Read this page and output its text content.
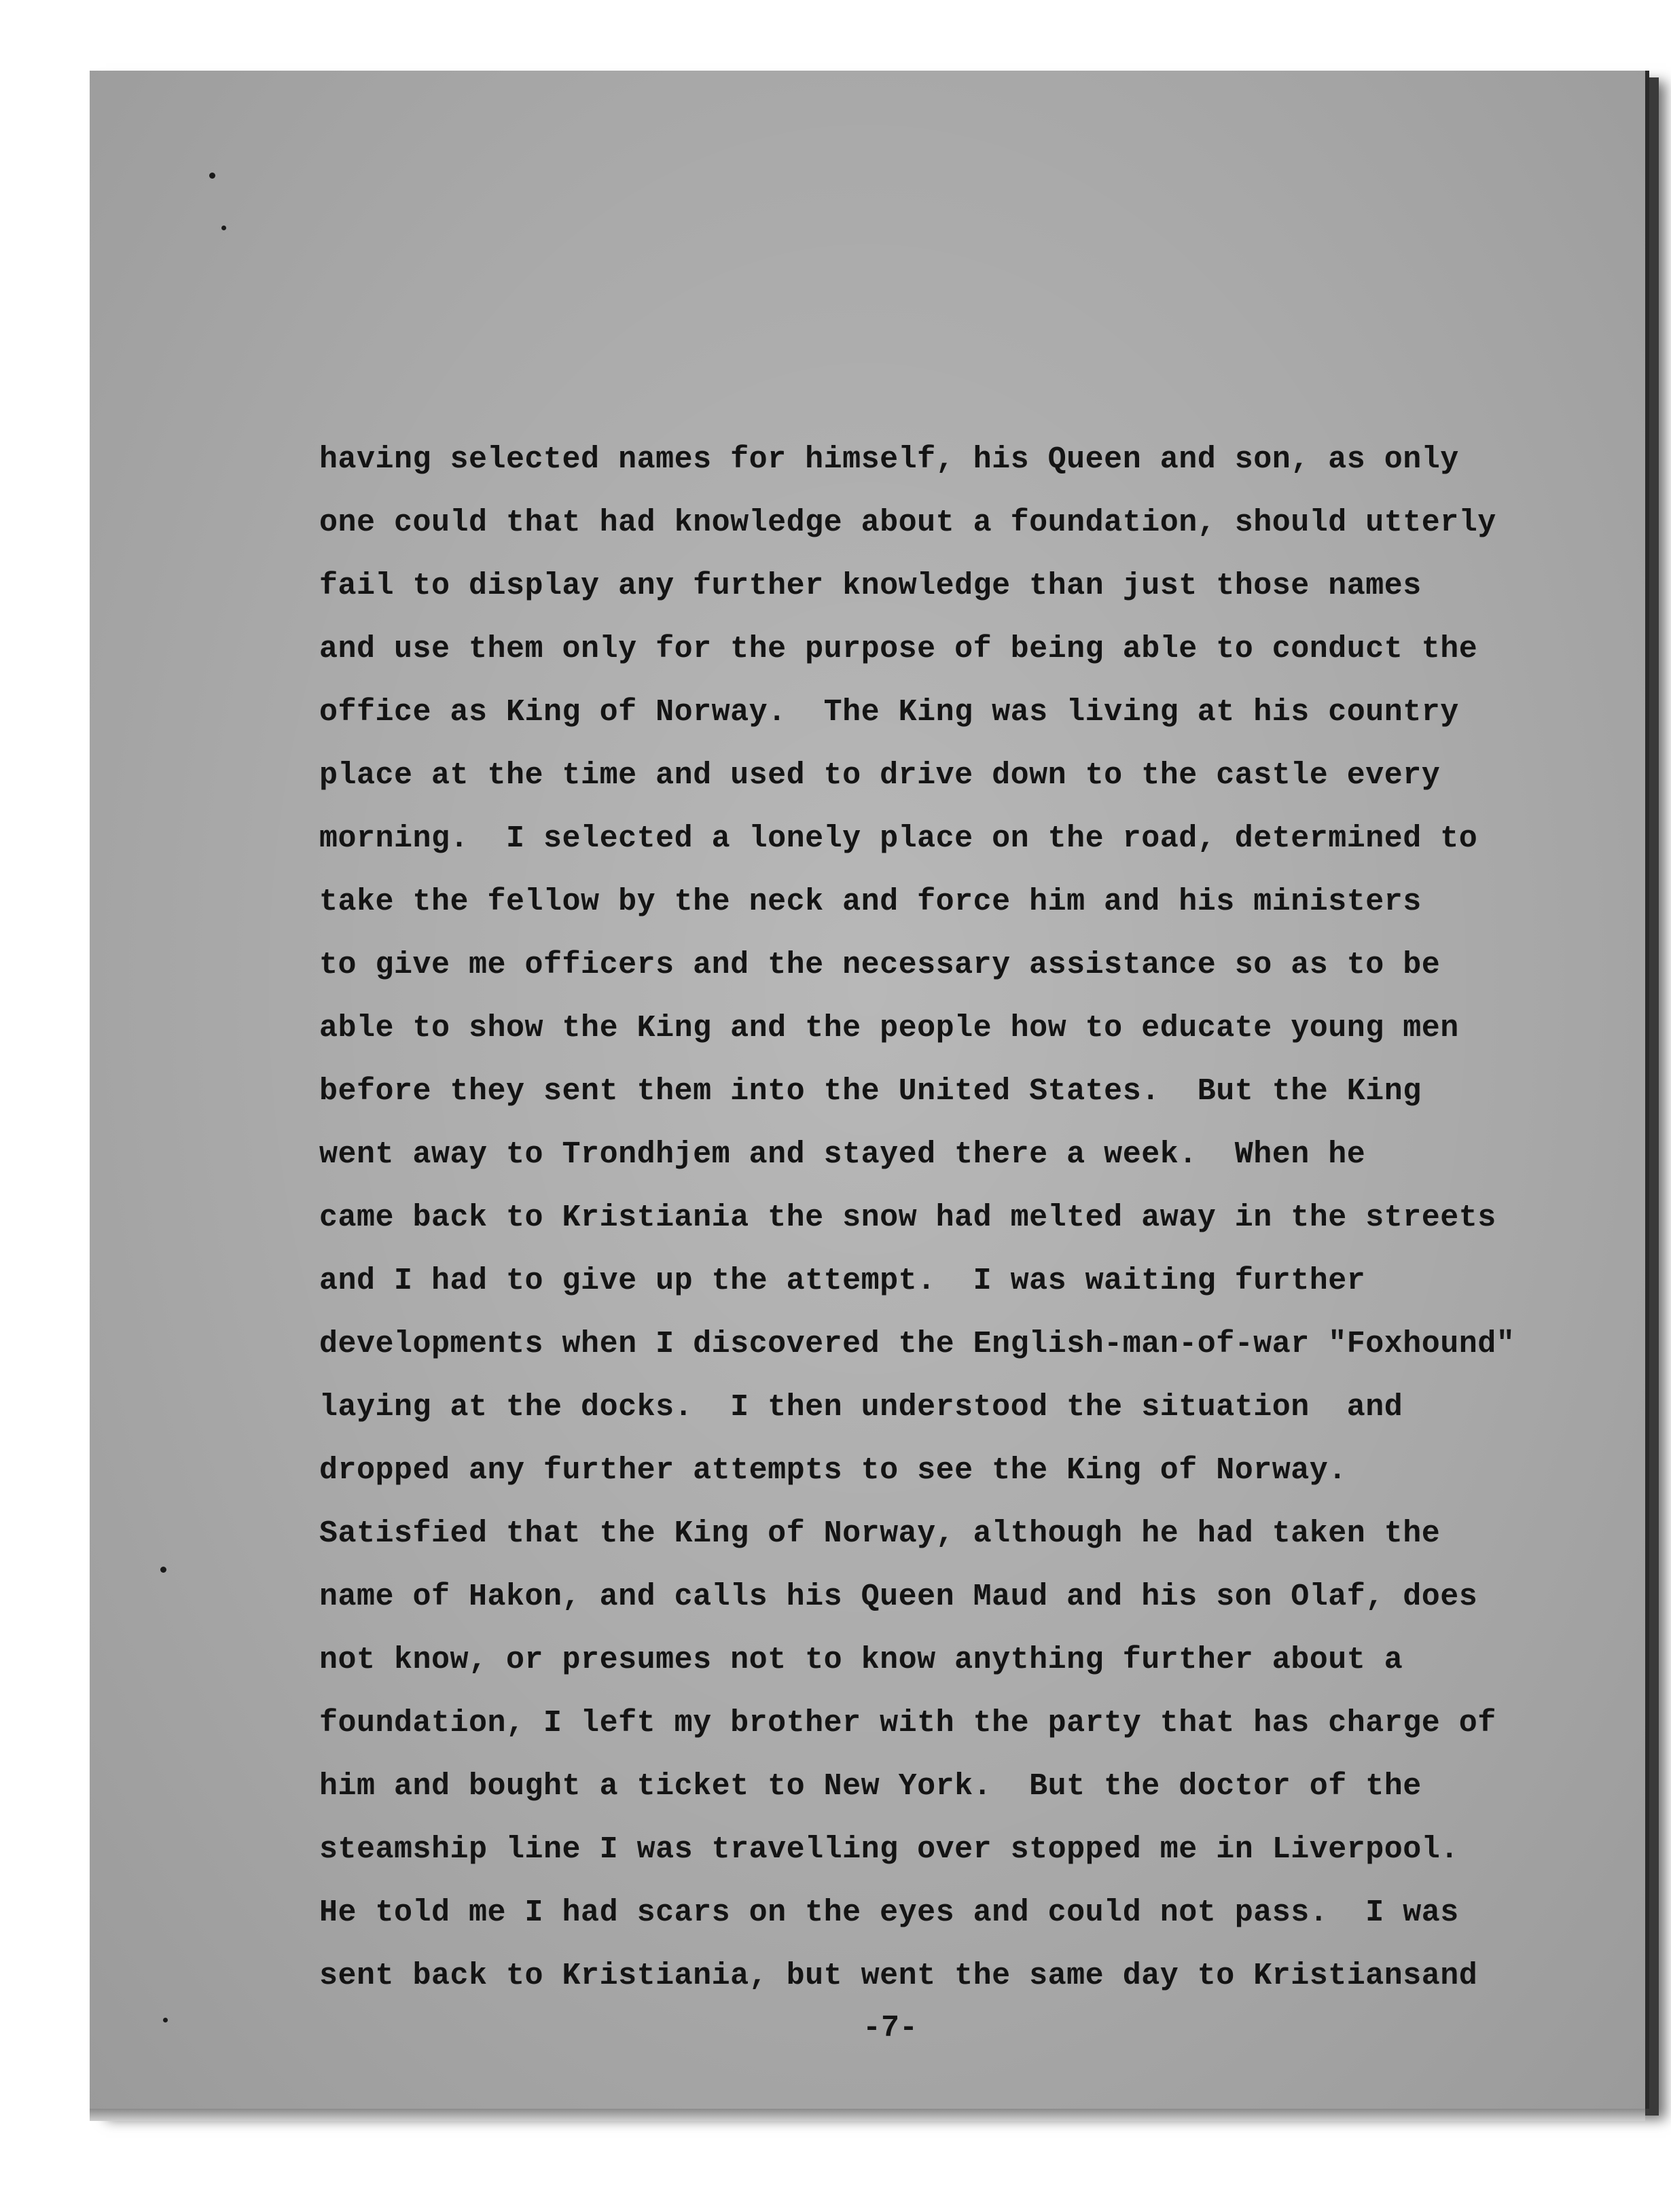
having selected names for himself, his Queen and son, as only
one could that had knowledge about a foundation, should utterly
fail to display any further knowledge than just those names
and use them only for the purpose of being able to conduct the
office as King of Norway.  The King was living at his country
place at the time and used to drive down to the castle every
morning.  I selected a lonely place on the road, determined to
take the fellow by the neck and force him and his ministers
to give me officers and the necessary assistance so as to be
able to show the King and the people how to educate young men
before they sent them into the United States.  But the King
went away to Trondhjem and stayed there a week.  When he
came back to Kristiania the snow had melted away in the streets
and I had to give up the attempt.  I was waiting further
developments when I discovered the English-man-of-war "Foxhound"
laying at the docks.  I then understood the situation  and
dropped any further attempts to see the King of Norway.
Satisfied that the King of Norway, although he had taken the
name of Hakon, and calls his Queen Maud and his son Olaf, does
not know, or presumes not to know anything further about a
foundation, I left my brother with the party that has charge of
him and bought a ticket to New York.  But the doctor of the
steamship line I was travelling over stopped me in Liverpool.
He told me I had scars on the eyes and could not pass.  I was
sent back to Kristiania, but went the same day to Kristiansand
-7-
